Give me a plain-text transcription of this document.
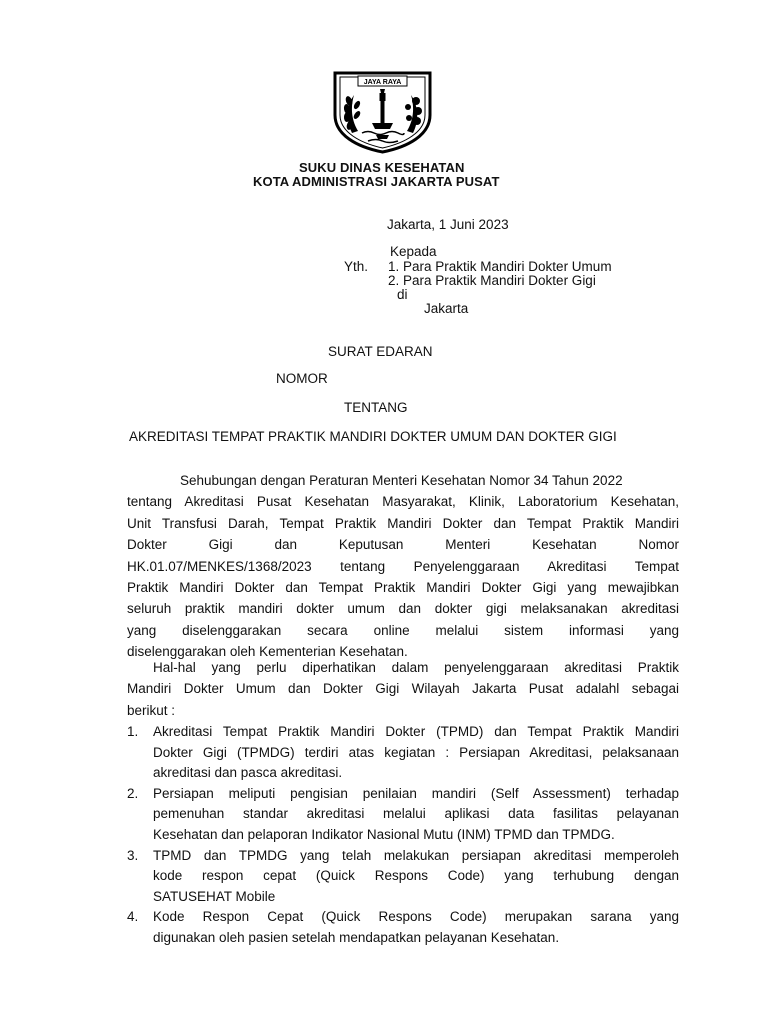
JAYA RAYA
SUKU DINAS KESEHATAN
KOTA ADMINISTRASI JAKARTA PUSAT
Jakarta, 1 Juni 2023
Kepada
Yth. 1. Para Praktik Mandiri Dokter Umum
2. Para Praktik Mandiri Dokter Gigi
di
Jakarta
SURAT EDARAN
NOMOR
TENTANG
AKREDITASI TEMPAT PRAKTIK MANDIRI DOKTER UMUM DAN DOKTER GIGI
Sehubungan dengan Peraturan Menteri Kesehatan Nomor 34 Tahun 2022
tentang Akreditasi Pusat Kesehatan Masyarakat, Klinik, Laboratorium Kesehatan,
Unit Transfusi Darah, Tempat Praktik Mandiri Dokter dan Tempat Praktik Mandiri
Dokter Gigi dan Keputusan Menteri Kesehatan Nomor
HK.01.07/MENKES/1368/2023 tentang Penyelenggaraan Akreditasi Tempat
Praktik Mandiri Dokter dan Tempat Praktik Mandiri Dokter Gigi yang mewajibkan
seluruh praktik mandiri dokter umum dan dokter gigi melaksanakan akreditasi
yang diselenggarakan secara online melalui sistem informasi yang
diselenggarakan oleh Kementerian Kesehatan.
Hal-hal yang perlu diperhatikan dalam penyelenggaraan akreditasi Praktik
Mandiri Dokter Umum dan Dokter Gigi Wilayah Jakarta Pusat adalahl sebagai
berikut :
1. Akreditasi Tempat Praktik Mandiri Dokter (TPMD) dan Tempat Praktik Mandiri
Dokter Gigi (TPMDG) terdiri atas kegiatan : Persiapan Akreditasi, pelaksanaan
akreditasi dan pasca akreditasi.
2. Persiapan meliputi pengisian penilaian mandiri (Self Assessment) terhadap
pemenuhan standar akreditasi melalui aplikasi data fasilitas pelayanan
Kesehatan dan pelaporan Indikator Nasional Mutu (INM) TPMD dan TPMDG.
3. TPMD dan TPMDG yang telah melakukan persiapan akreditasi memperoleh
kode respon cepat (Quick Respons Code) yang terhubung dengan
SATUSEHAT Mobile
4. Kode Respon Cepat (Quick Respons Code) merupakan sarana yang
digunakan oleh pasien setelah mendapatkan pelayanan Kesehatan.
